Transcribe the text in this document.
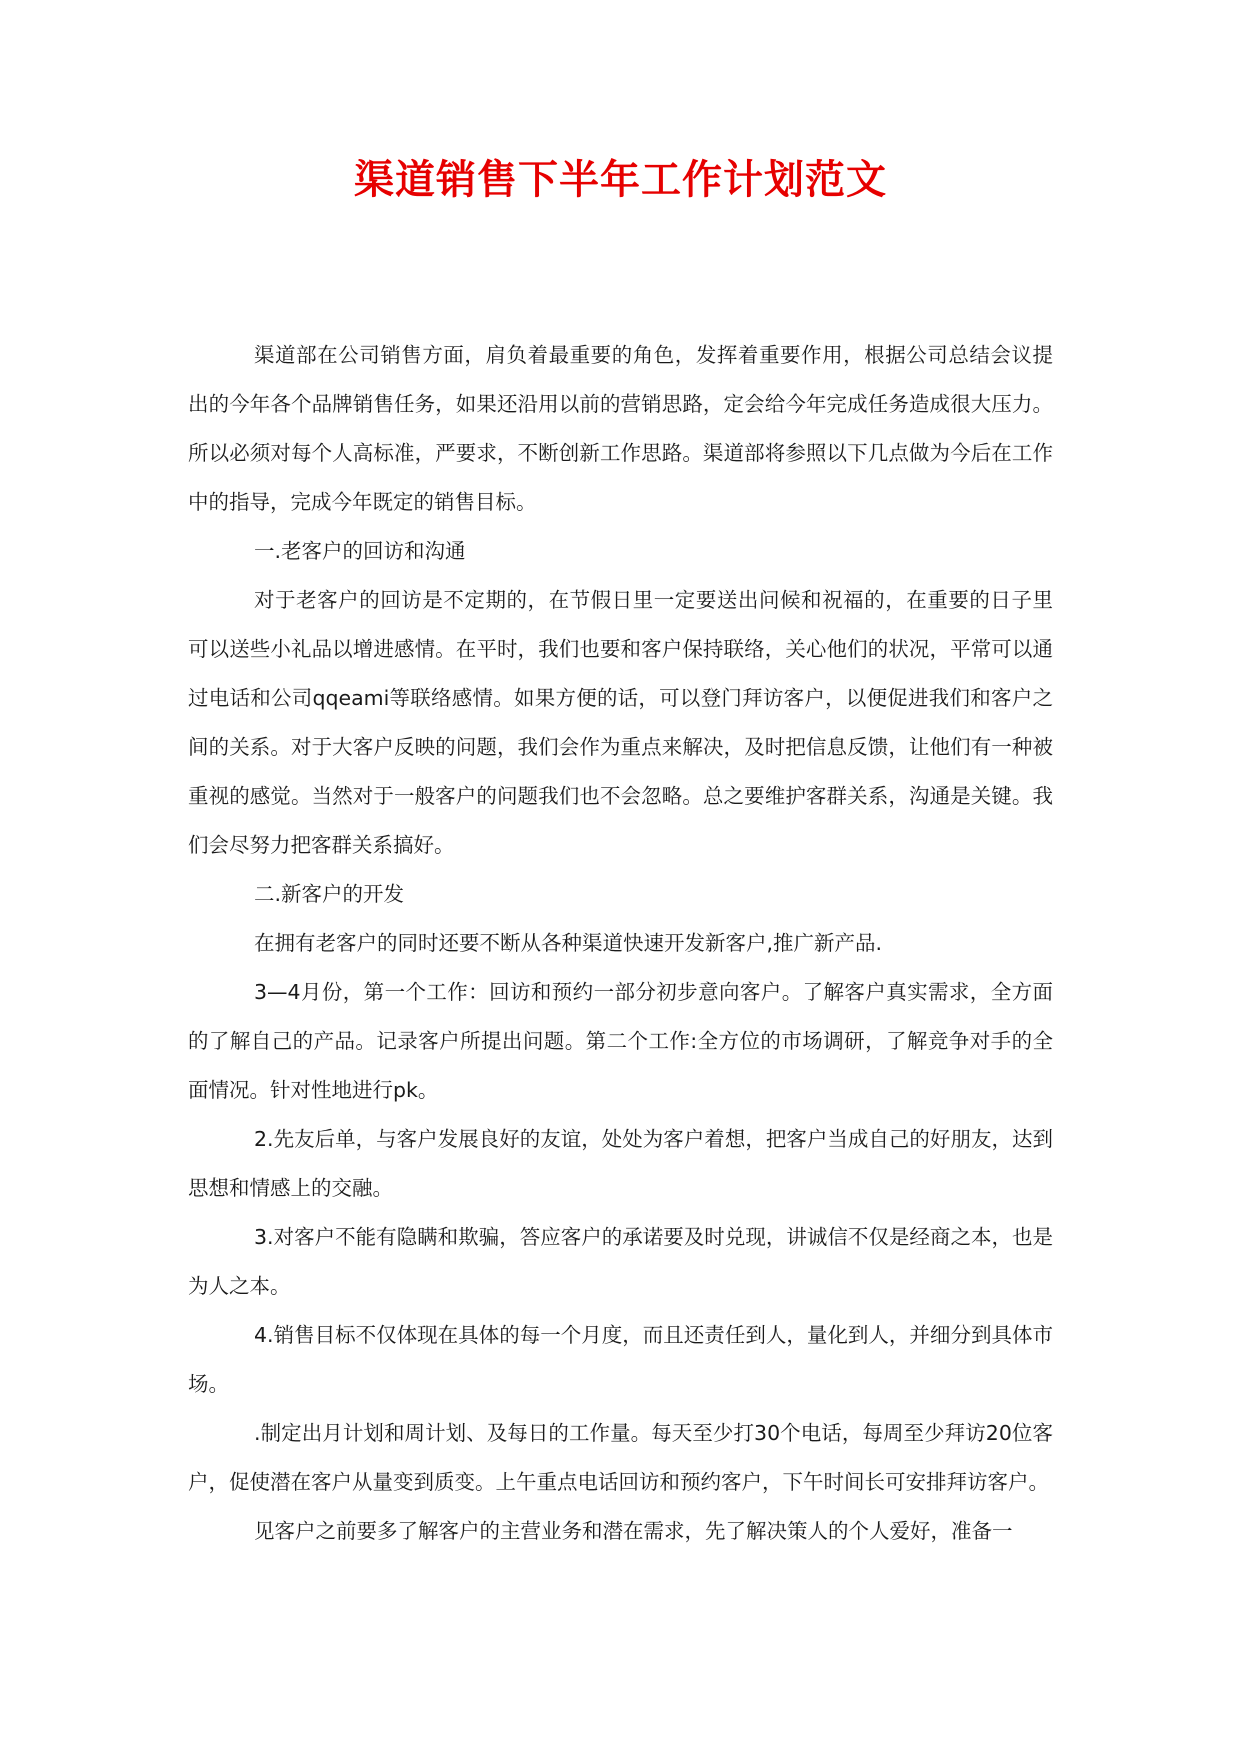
渠道销售下半年工作计划范文

渠道部在公司销售方面，肩负着最重要的角色，发挥着重要作用，根据公司总结会议提出的今年各个品牌销售任务，如果还沿用以前的营销思路，定会给今年完成任务造成很大压力。所以必须对每个人高标准，严要求，不断创新工作思路。渠道部将参照以下几点做为今后在工作中的指导，完成今年既定的销售目标。

一.老客户的回访和沟通

对于老客户的回访是不定期的，在节假日里一定要送出问候和祝福的，在重要的日子里可以送些小礼品以增进感情。在平时，我们也要和客户保持联络，关心他们的状况，平常可以通过电话和公司qqeami等联络感情。如果方便的话，可以登门拜访客户，以便促进我们和客户之间的关系。对于大客户反映的问题，我们会作为重点来解决，及时把信息反馈，让他们有一种被重视的感觉。当然对于一般客户的问题我们也不会忽略。总之要维护客群关系，沟通是关键。我们会尽努力把客群关系搞好。

二.新客户的开发

在拥有老客户的同时还要不断从各种渠道快速开发新客户,推广新产品.

3—4月份，第一个工作：回访和预约一部分初步意向客户。了解客户真实需求，全方面的了解自己的产品。记录客户所提出问题。第二个工作:全方位的市场调研，了解竞争对手的全面情况。针对性地进行pk。

2.先友后单，与客户发展良好的友谊，处处为客户着想，把客户当成自己的好朋友，达到思想和情感上的交融。

3.对客户不能有隐瞒和欺骗，答应客户的承诺要及时兑现，讲诚信不仅是经商之本，也是为人之本。

4.销售目标不仅体现在具体的每一个月度，而且还责任到人，量化到人，并细分到具体市场。

.制定出月计划和周计划、及每日的工作量。每天至少打30个电话，每周至少拜访20位客户，促使潜在客户从量变到质变。上午重点电话回访和预约客户，下午时间长可安排拜访客户。

见客户之前要多了解客户的主营业务和潜在需求，先了解决策人的个人爱好，准备一
